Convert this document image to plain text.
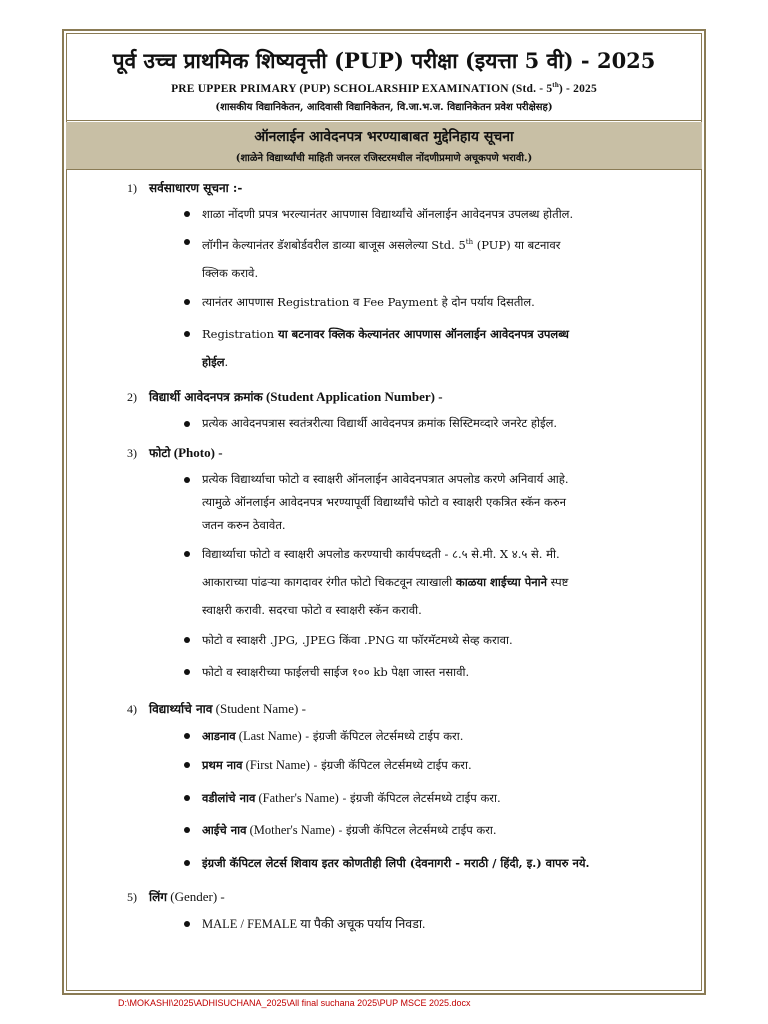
पूर्व उच्च प्राथमिक शिष्यवृत्ती (PUP) परीक्षा (इयत्ता 5 वी) - 2025
PRE UPPER PRIMARY (PUP) SCHOLARSHIP EXAMINATION (Std. - 5th) - 2025
(शासकीय विद्यानिकेतन, आदिवासी विद्यानिकेतन, वि.जा.भ.ज. विद्यानिकेतन प्रवेश परीक्षेसह)
ऑनलाईन आवेदनपत्र भरण्याबाबत मुद्देनिहाय सूचना
(शाळेने विद्यार्थ्यांची माहिती जनरल रजिस्टरमधील नोंदणीप्रमाणे अचूकपणे भरावी.)
1) सर्वसाधारण सूचना :-
शाळा नोंदणी प्रपत्र भरल्यानंतर आपणास विद्यार्थ्यांचे ऑनलाईन आवेदनपत्र उपलब्ध होतील.
लॉगीन केल्यानंतर डॅशबोर्डवरील डाव्या बाजूस असलेल्या Std. 5th (PUP) या बटनावर
क्लिक करावे.
त्यानंतर आपणास Registration व Fee Payment हे दोन पर्याय दिसतील.
Registration या बटनावर क्लिक केल्यानंतर आपणास ऑनलाईन आवेदनपत्र उपलब्ध
होईल.
2) विद्यार्थी आवेदनपत्र क्रमांक (Student Application Number) -
प्रत्येक आवेदनपत्रास स्वतंत्ररीत्या विद्यार्थी आवेदनपत्र क्रमांक सिस्टिमव्दारे जनरेट होईल.
3) फोटो (Photo) -
प्रत्येक विद्यार्थ्याचा फोटो व स्वाक्षरी ऑनलाईन आवेदनपत्रात अपलोड करणे अनिवार्य आहे.
त्यामुळे ऑनलाईन आवेदनपत्र भरण्यापूर्वी विद्यार्थ्यांचे फोटो व स्वाक्षरी एकत्रित स्कॅन करुन
जतन करुन ठेवावेत.
विद्यार्थ्याचा फोटो व स्वाक्षरी अपलोड करण्याची कार्यपध्दती - ८.५ से.मी. X ४.५ से. मी.
आकाराच्या पांढऱ्या कागदावर रंगीत फोटो चिकटवून त्याखाली काळया शाईच्या पेनाने स्पष्ट
स्वाक्षरी करावी. सदरचा फोटो व स्वाक्षरी स्कॅन करावी.
फोटो व स्वाक्षरी .JPG, .JPEG किंवा .PNG या फॉरमॅटमध्ये सेव्ह करावा.
फोटो व स्वाक्षरीच्या फाईलची साईज १०० kb पेक्षा जास्त नसावी.
4) विद्यार्थ्याचे नाव (Student Name) -
आडनाव (Last Name) - इंग्रजी कॅपिटल लेटर्समध्ये टाईप करा.
प्रथम नाव (First Name) - इंग्रजी कॅपिटल लेटर्समध्ये टाईप करा.
वडीलांचे नाव (Father's Name) - इंग्रजी कॅपिटल लेटर्समध्ये टाईप करा.
आईचे नाव (Mother's Name) - इंग्रजी कॅपिटल लेटर्समध्ये टाईप करा.
इंग्रजी कॅपिटल लेटर्स शिवाय इतर कोणतीही लिपी (देवनागरी - मराठी / हिंदी, इ.) वापरु नये.
5) लिंग (Gender) -
MALE / FEMALE या पैकी अचूक पर्याय निवडा.
D:\MOKASHI\2025\ADHISUCHANA_2025\All final suchana 2025\PUP MSCE 2025.docx
